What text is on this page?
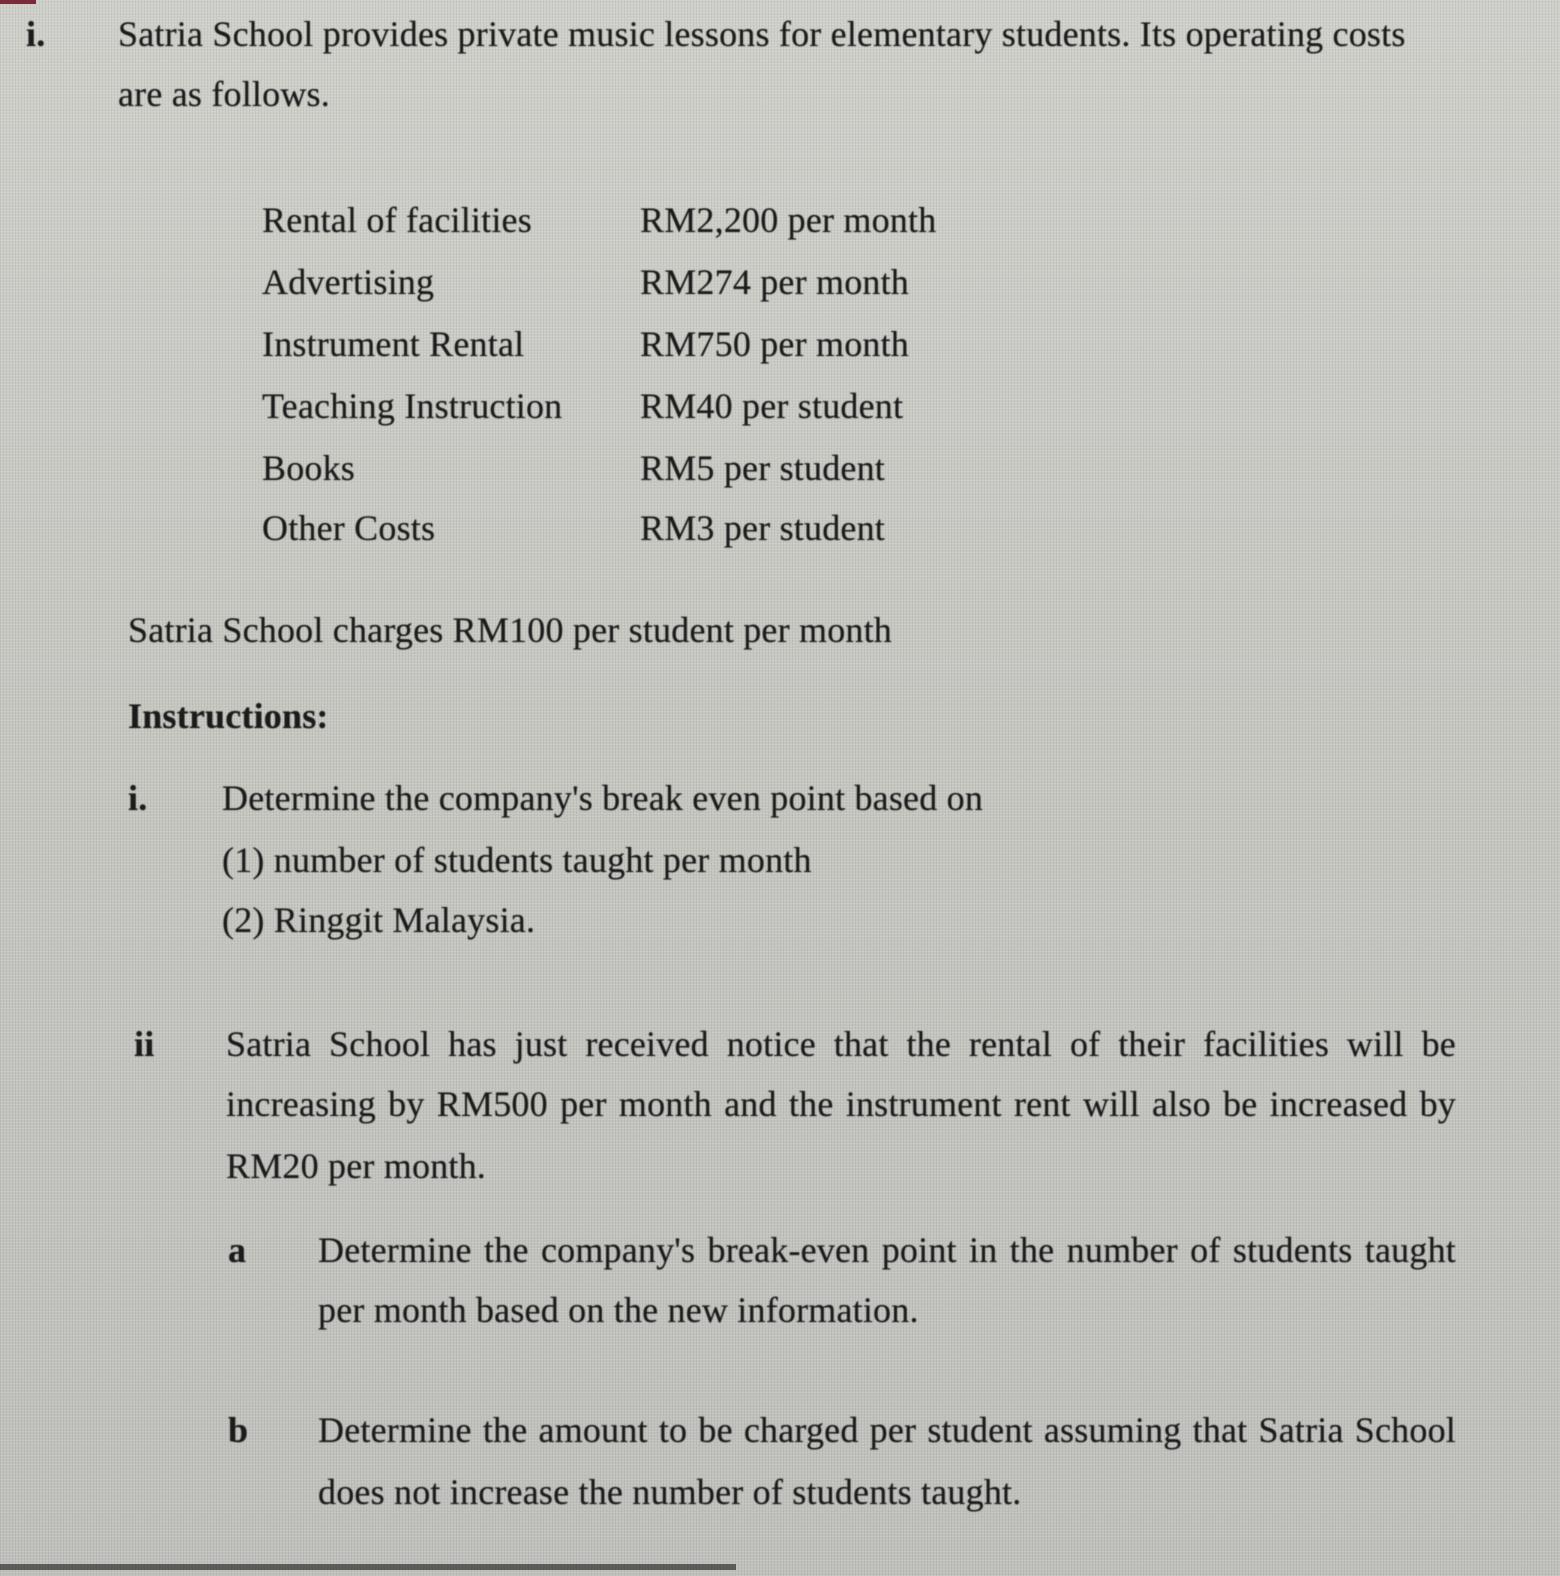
i. Satria School provides private music lessons for elementary students. Its operating costs
are as follows.
Rental of facilities	RM2,200 per month
Advertising	RM274 per month
Instrument Rental	RM750 per month
Teaching Instruction RM40 per student
Books	RM5 per student
Other Costs	RM3 per student
Satria School charges RM100 per student per month
Instructions:
i. Determine the company's break even point based on
(1) number of students taught per month
(2) Ringgit Malaysia.
ii Satria School has just received notice that the rental of their facilities will be
increasing by RM500 per month and the instrument rent will also be increased by
RM20 per month.
a Determine the company's break-even point in the number of students taught
per month based on the new information.
b Determine the amount to be charged per student assuming that Satria School
does not increase the number of students taught.
